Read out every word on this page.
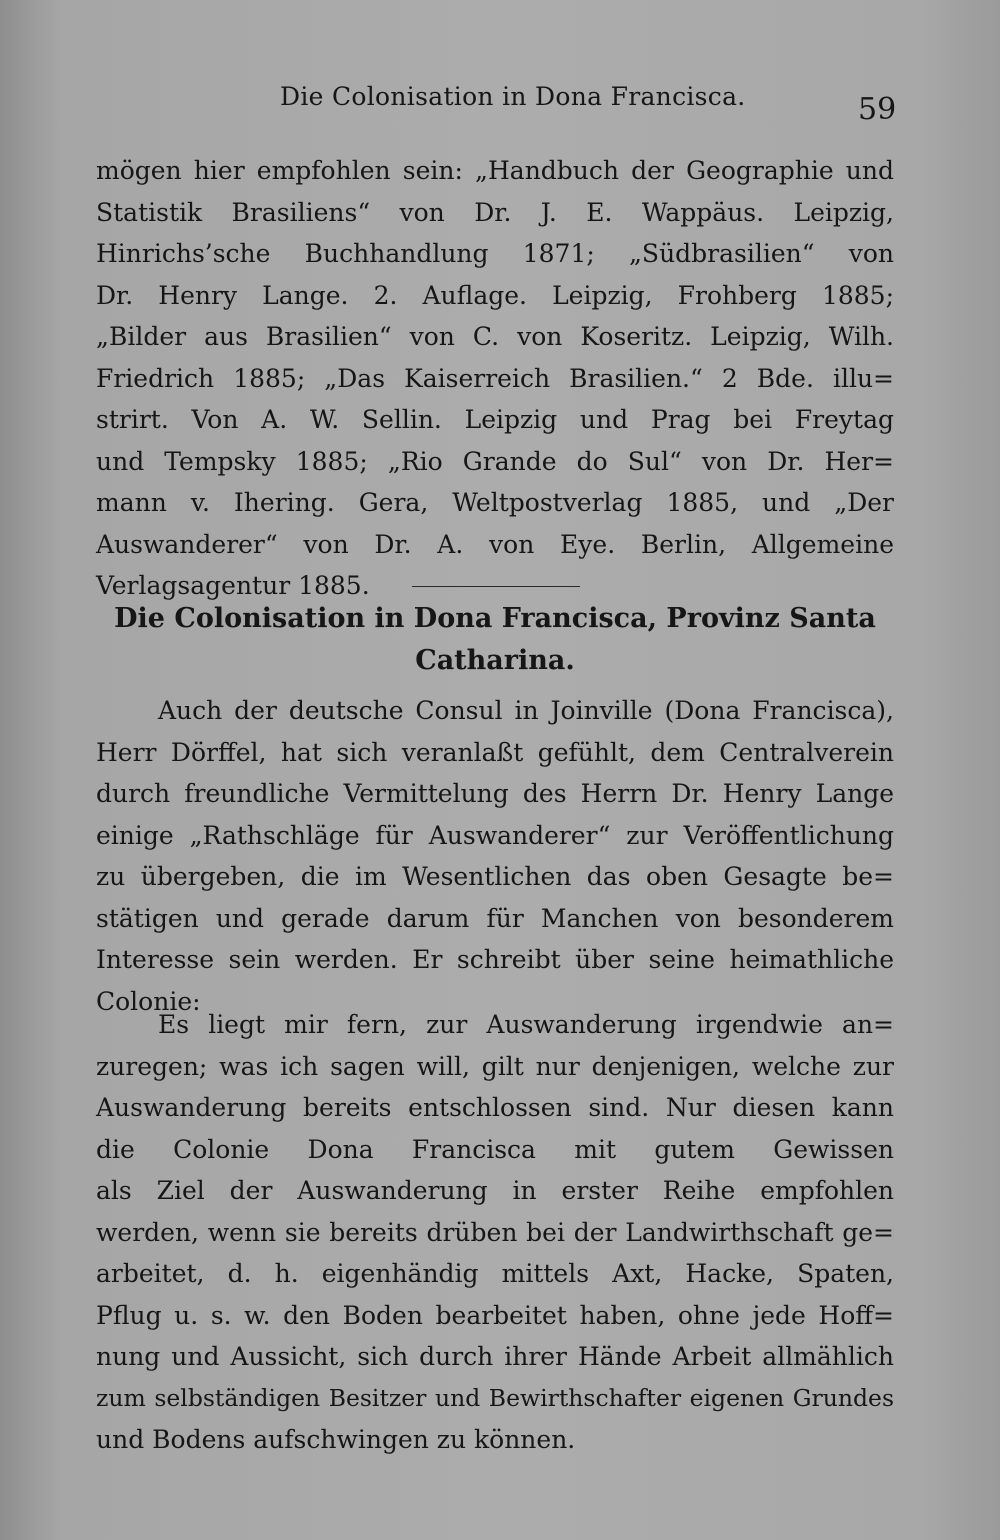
Die Colonisation in Dona Francisca.	59
mögen hier empfohlen sein: „Handbuch der Geographie und
Statistik Brasiliens“ von Dr. J. E. Wappäus. Leipzig,
Hinrichs’sche Buchhandlung 1871; „Südbrasilien“ von
Dr. Henry Lange. 2. Auflage. Leipzig, Frohberg 1885;
„Bilder aus Brasilien“ von C. von Koseritz. Leipzig, Wilh.
Friedrich 1885; „Das Kaiserreich Brasilien.“ 2 Bde. illu=
strirt. Von A. W. Sellin. Leipzig und Prag bei Freytag
und Tempsky 1885; „Rio Grande do Sul“ von Dr. Her=
mann v. Ihering. Gera, Weltpostverlag 1885, und „Der
Auswanderer“ von Dr. A. von Eye. Berlin, Allgemeine
Verlagsagentur 1885.
Die Colonisation in Dona Francisca, Provinz Santa
Catharina.
Auch der deutsche Consul in Joinville (Dona Francisca),
Herr Dörffel, hat sich veranlaßt gefühlt, dem Centralverein
durch freundliche Vermittelung des Herrn Dr. Henry Lange
einige „Rathschläge für Auswanderer“ zur Veröffentlichung
zu übergeben, die im Wesentlichen das oben Gesagte be=
stätigen und gerade darum für Manchen von besonderem
Interesse sein werden. Er schreibt über seine heimathliche
Colonie:
Es liegt mir fern, zur Auswanderung irgendwie an=
zuregen; was ich sagen will, gilt nur denjenigen, welche zur
Auswanderung bereits entschlossen sind. Nur diesen kann
die Colonie Dona Francisca mit gutem Gewissen
als Ziel der Auswanderung in erster Reihe empfohlen
werden, wenn sie bereits drüben bei der Landwirthschaft ge=
arbeitet, d. h. eigenhändig mittels Axt, Hacke, Spaten,
Pflug u. s. w. den Boden bearbeitet haben, ohne jede Hoff=
nung und Aussicht, sich durch ihrer Hände Arbeit allmählich
zum selbständigen Besitzer und Bewirthschafter eigenen Grundes
und Bodens aufschwingen zu können.
